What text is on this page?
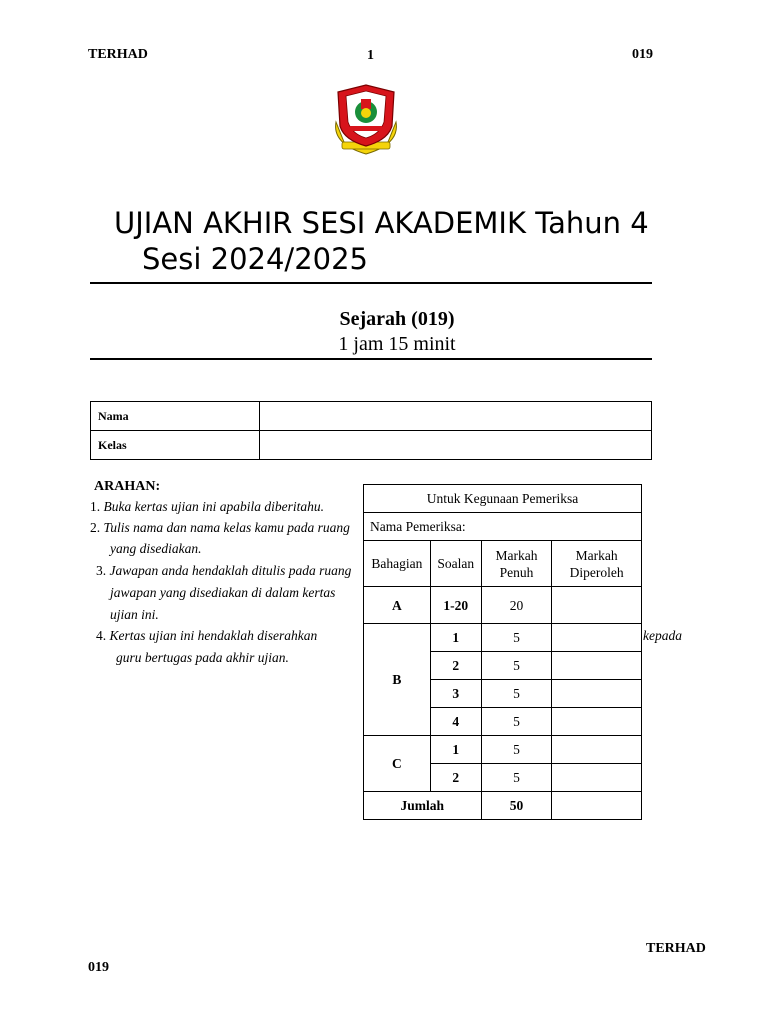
TERHAD	1	019
UJIAN AKHIR SESI AKADEMIK Tahun 4
Sesi 2024/2025
Sejarah (019)
1 jam 15 minit
Nama	
Kelas	
ARAHAN:
1. Buka kertas ujian ini apabila diberitahu.
2. Tulis nama dan nama kelas kamu pada ruang
yang disediakan.
3. Jawapan anda hendaklah ditulis pada ruang
jawapan yang disediakan di dalam kertas
ujian ini.
4. Kertas ujian ini hendaklah diserahkan
guru bertugas pada akhir ujian.
kepada
Untuk Kegunaan Pemeriksa			
Nama Pemeriksa:			
Bahagian	Soalan	Markah Penuh	Markah Diperoleh
A	1-20	20	
B	1	5	
	2	5	
	3	5	
	4	5	
C	1	5	
	2	5	
Jumlah		50	
TERHAD
019
